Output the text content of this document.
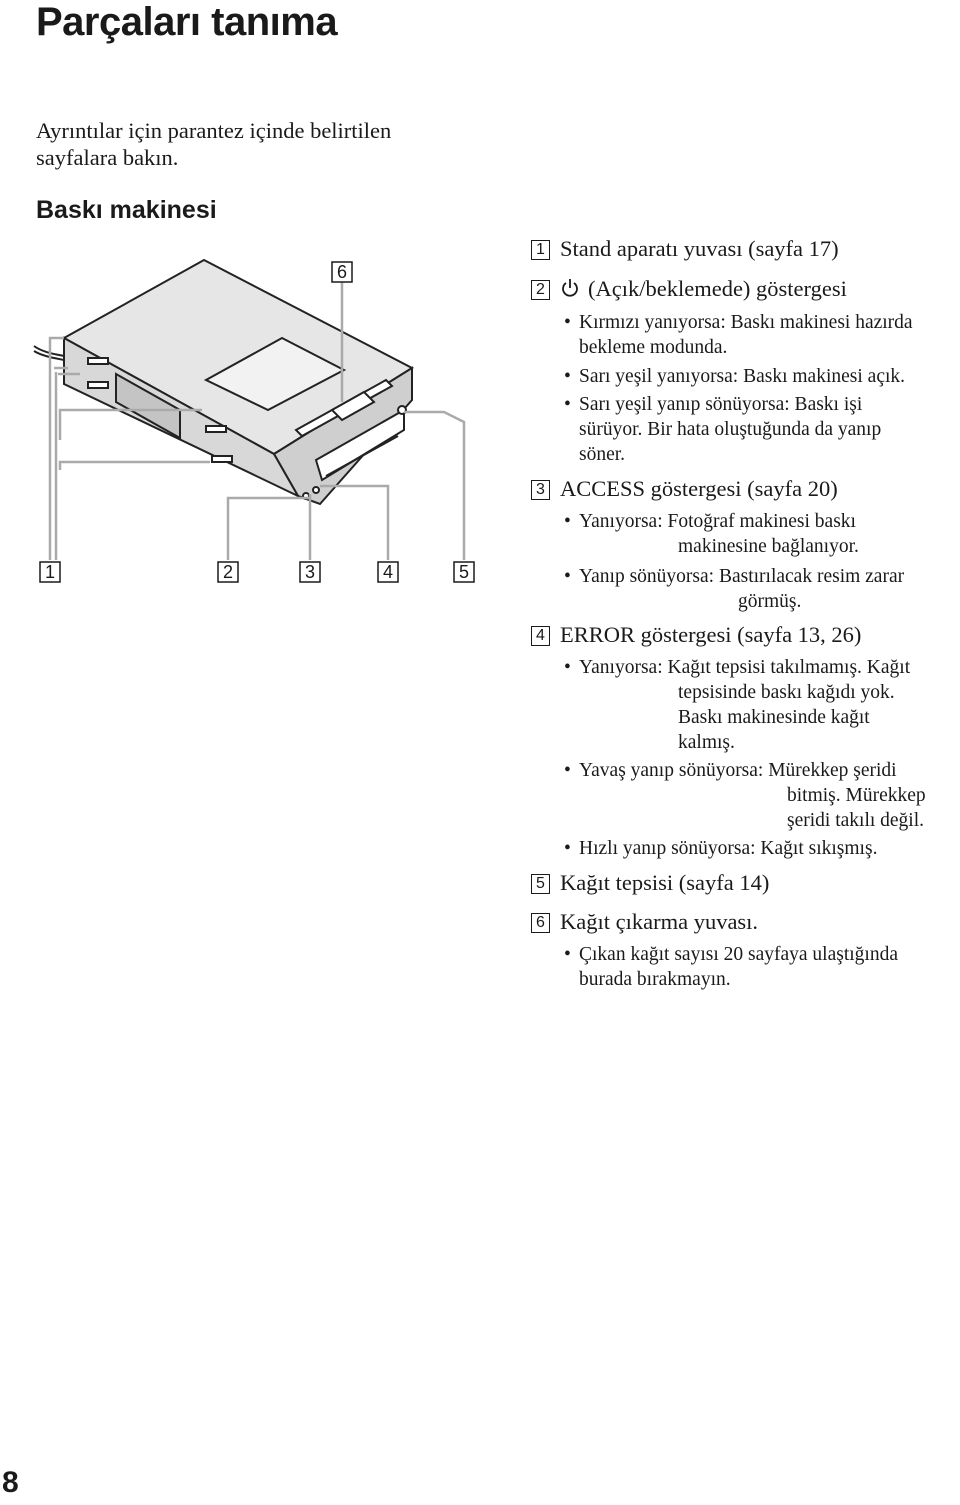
Parçaları tanıma
Ayrıntılar için parantez içinde belirtilen sayfalara bakın.
Baskı makinesi
1	2	3	4	5
6
1 Stand aparatı yuvası (sayfa 17)
2 (Açık/beklemede) göstergesi
• Kırmızı yanıyorsa: Baskı makinesi hazırda
bekleme modunda.
• Sarı yeşil yanıyorsa: Baskı makinesi açık.
• Sarı yeşil yanıp sönüyorsa: Baskı işi
sürüyor. Bir hata oluştuğunda da yanıp
söner.
3 ACCESS göstergesi (sayfa 20)
• Yanıyorsa: Fotoğraf makinesi baskı
makinesine bağlanıyor.
• Yanıp sönüyorsa: Bastırılacak resim zarar
görmüş.
4 ERROR göstergesi (sayfa 13, 26)
• Yanıyorsa: Kağıt tepsisi takılmamış. Kağıt
tepsisinde baskı kağıdı yok.
Baskı makinesinde kağıt
kalmış.
• Yavaş yanıp sönüyorsa: Mürekkep şeridi
bitmiş. Mürekkep
şeridi takılı değil.
• Hızlı yanıp sönüyorsa: Kağıt sıkışmış.
5 Kağıt tepsisi (sayfa 14)
6 Kağıt çıkarma yuvası.
• Çıkan kağıt sayısı 20 sayfaya ulaştığında
burada bırakmayın.
8
